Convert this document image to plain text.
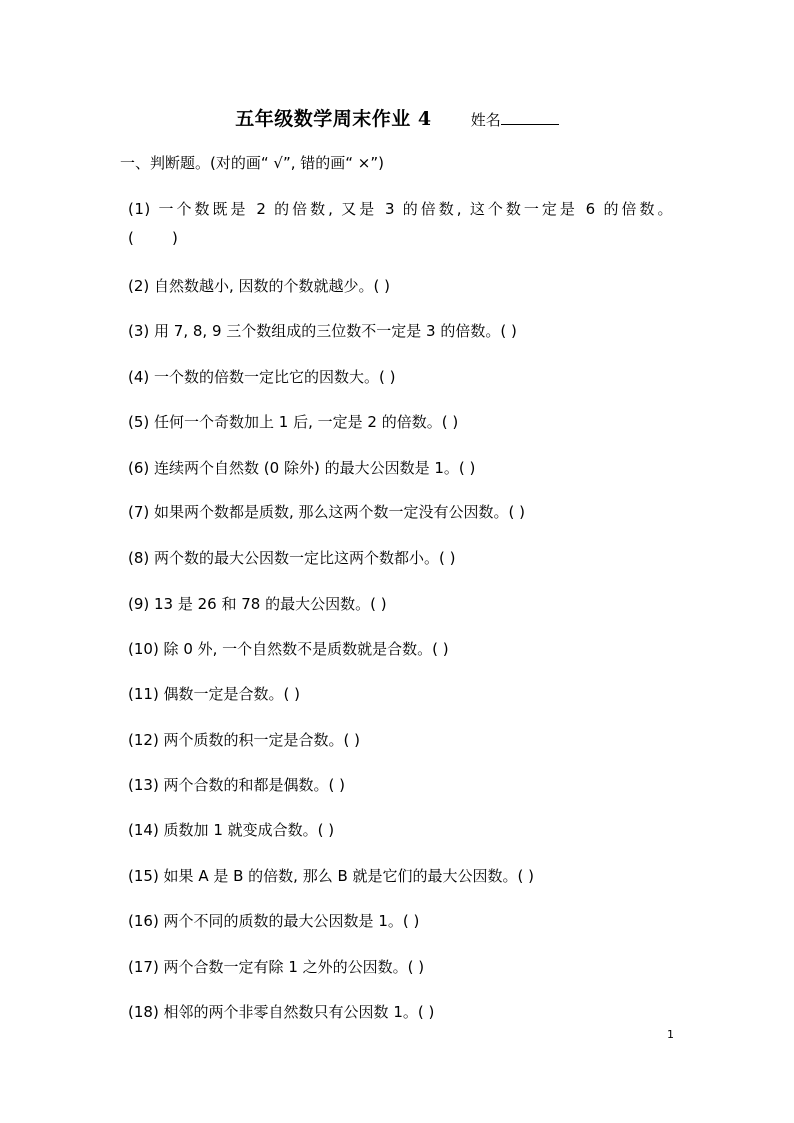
五年级数学周末作业 4	姓名
一、判断题。(对的画“ √”, 错的画“ ×”)
(1) 一个数既是 2 的倍数, 又是 3 的倍数, 这个数一定是 6 的倍数。
(        )
(2) 自然数越小, 因数的个数就越少。( )
(3) 用 7, 8, 9 三个数组成的三位数不一定是 3 的倍数。( )
(4) 一个数的倍数一定比它的因数大。( )
(5) 任何一个奇数加上 1 后, 一定是 2 的倍数。( )
(6) 连续两个自然数 (0 除外) 的最大公因数是 1。( )
(7) 如果两个数都是质数, 那么这两个数一定没有公因数。( )
(8) 两个数的最大公因数一定比这两个数都小。( )
(9) 13 是 26 和 78 的最大公因数。( )
(10) 除 0 外, 一个自然数不是质数就是合数。( )
(11) 偶数一定是合数。( )
(12) 两个质数的积一定是合数。( )
(13) 两个合数的和都是偶数。( )
(14) 质数加 1 就变成合数。( )
(15) 如果 A 是 B 的倍数, 那么 B 就是它们的最大公因数。( )
(16) 两个不同的质数的最大公因数是 1。( )
(17) 两个合数一定有除 1 之外的公因数。( )
(18) 相邻的两个非零自然数只有公因数 1。( )
1
